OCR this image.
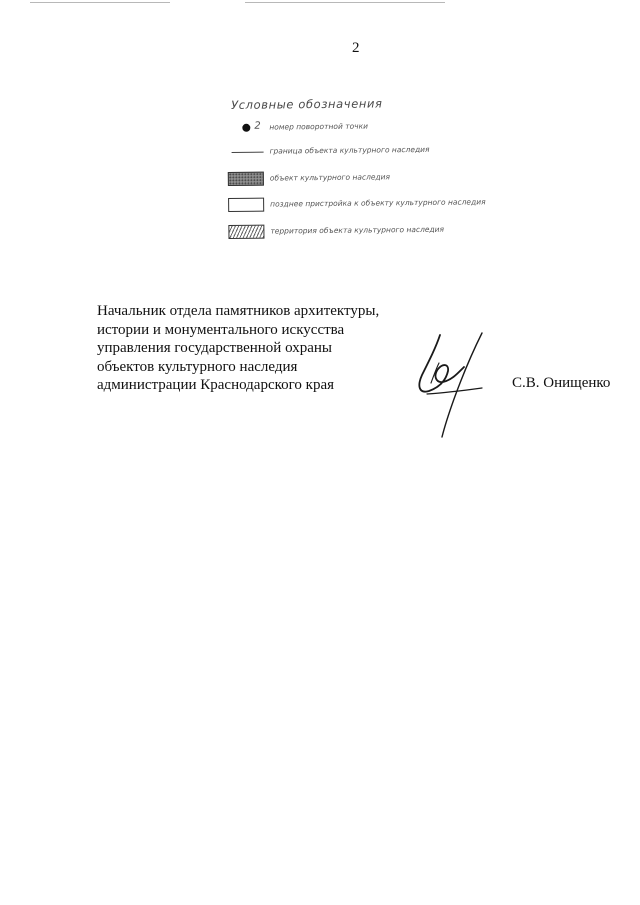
2
Условные обозначения
2 номер поворотной точки
граница объекта культурного наследия
объект культурного наследия
позднее пристройка к объекту культурного наследия
территория объекта культурного наследия
Начальник отдела памятников архитектуры,
истории и монументального искусства
управления государственной охраны
объектов культурного наследия
администрации Краснодарского края	С.В. Онищенко
